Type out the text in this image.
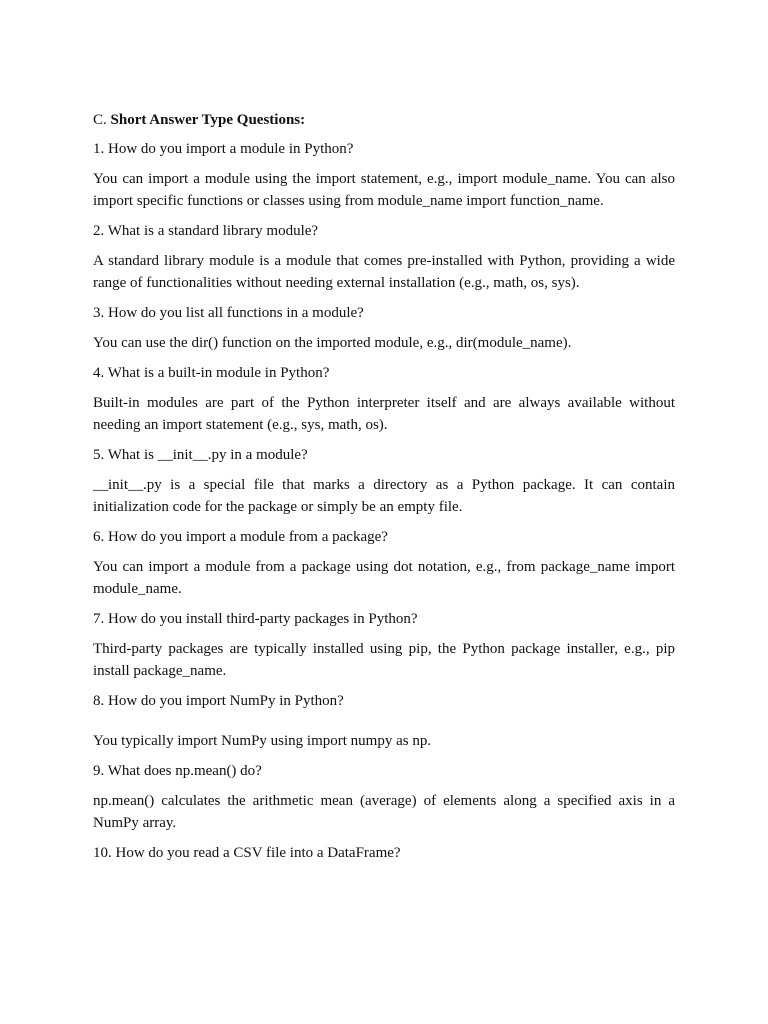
C. Short Answer Type Questions:

1. How do you import a module in Python?

You can import a module using the import statement, e.g., import module_name. You can also import specific functions or classes using from module_name import function_name.

2. What is a standard library module?

A standard library module is a module that comes pre-installed with Python, providing a wide range of functionalities without needing external installation (e.g., math, os, sys).

3. How do you list all functions in a module?

You can use the dir() function on the imported module, e.g., dir(module_name).

4. What is a built-in module in Python?

Built-in modules are part of the Python interpreter itself and are always available without needing an import statement (e.g., sys, math, os).

5. What is __init__.py in a module?

__init__.py is a special file that marks a directory as a Python package. It can contain initialization code for the package or simply be an empty file.

6. How do you import a module from a package?

You can import a module from a package using dot notation, e.g., from package_name import module_name.

7. How do you install third-party packages in Python?

Third-party packages are typically installed using pip, the Python package installer, e.g., pip install package_name.

8. How do you import NumPy in Python?

You typically import NumPy using import numpy as np.

9. What does np.mean() do?

np.mean() calculates the arithmetic mean (average) of elements along a specified axis in a NumPy array.

10. How do you read a CSV file into a DataFrame?
